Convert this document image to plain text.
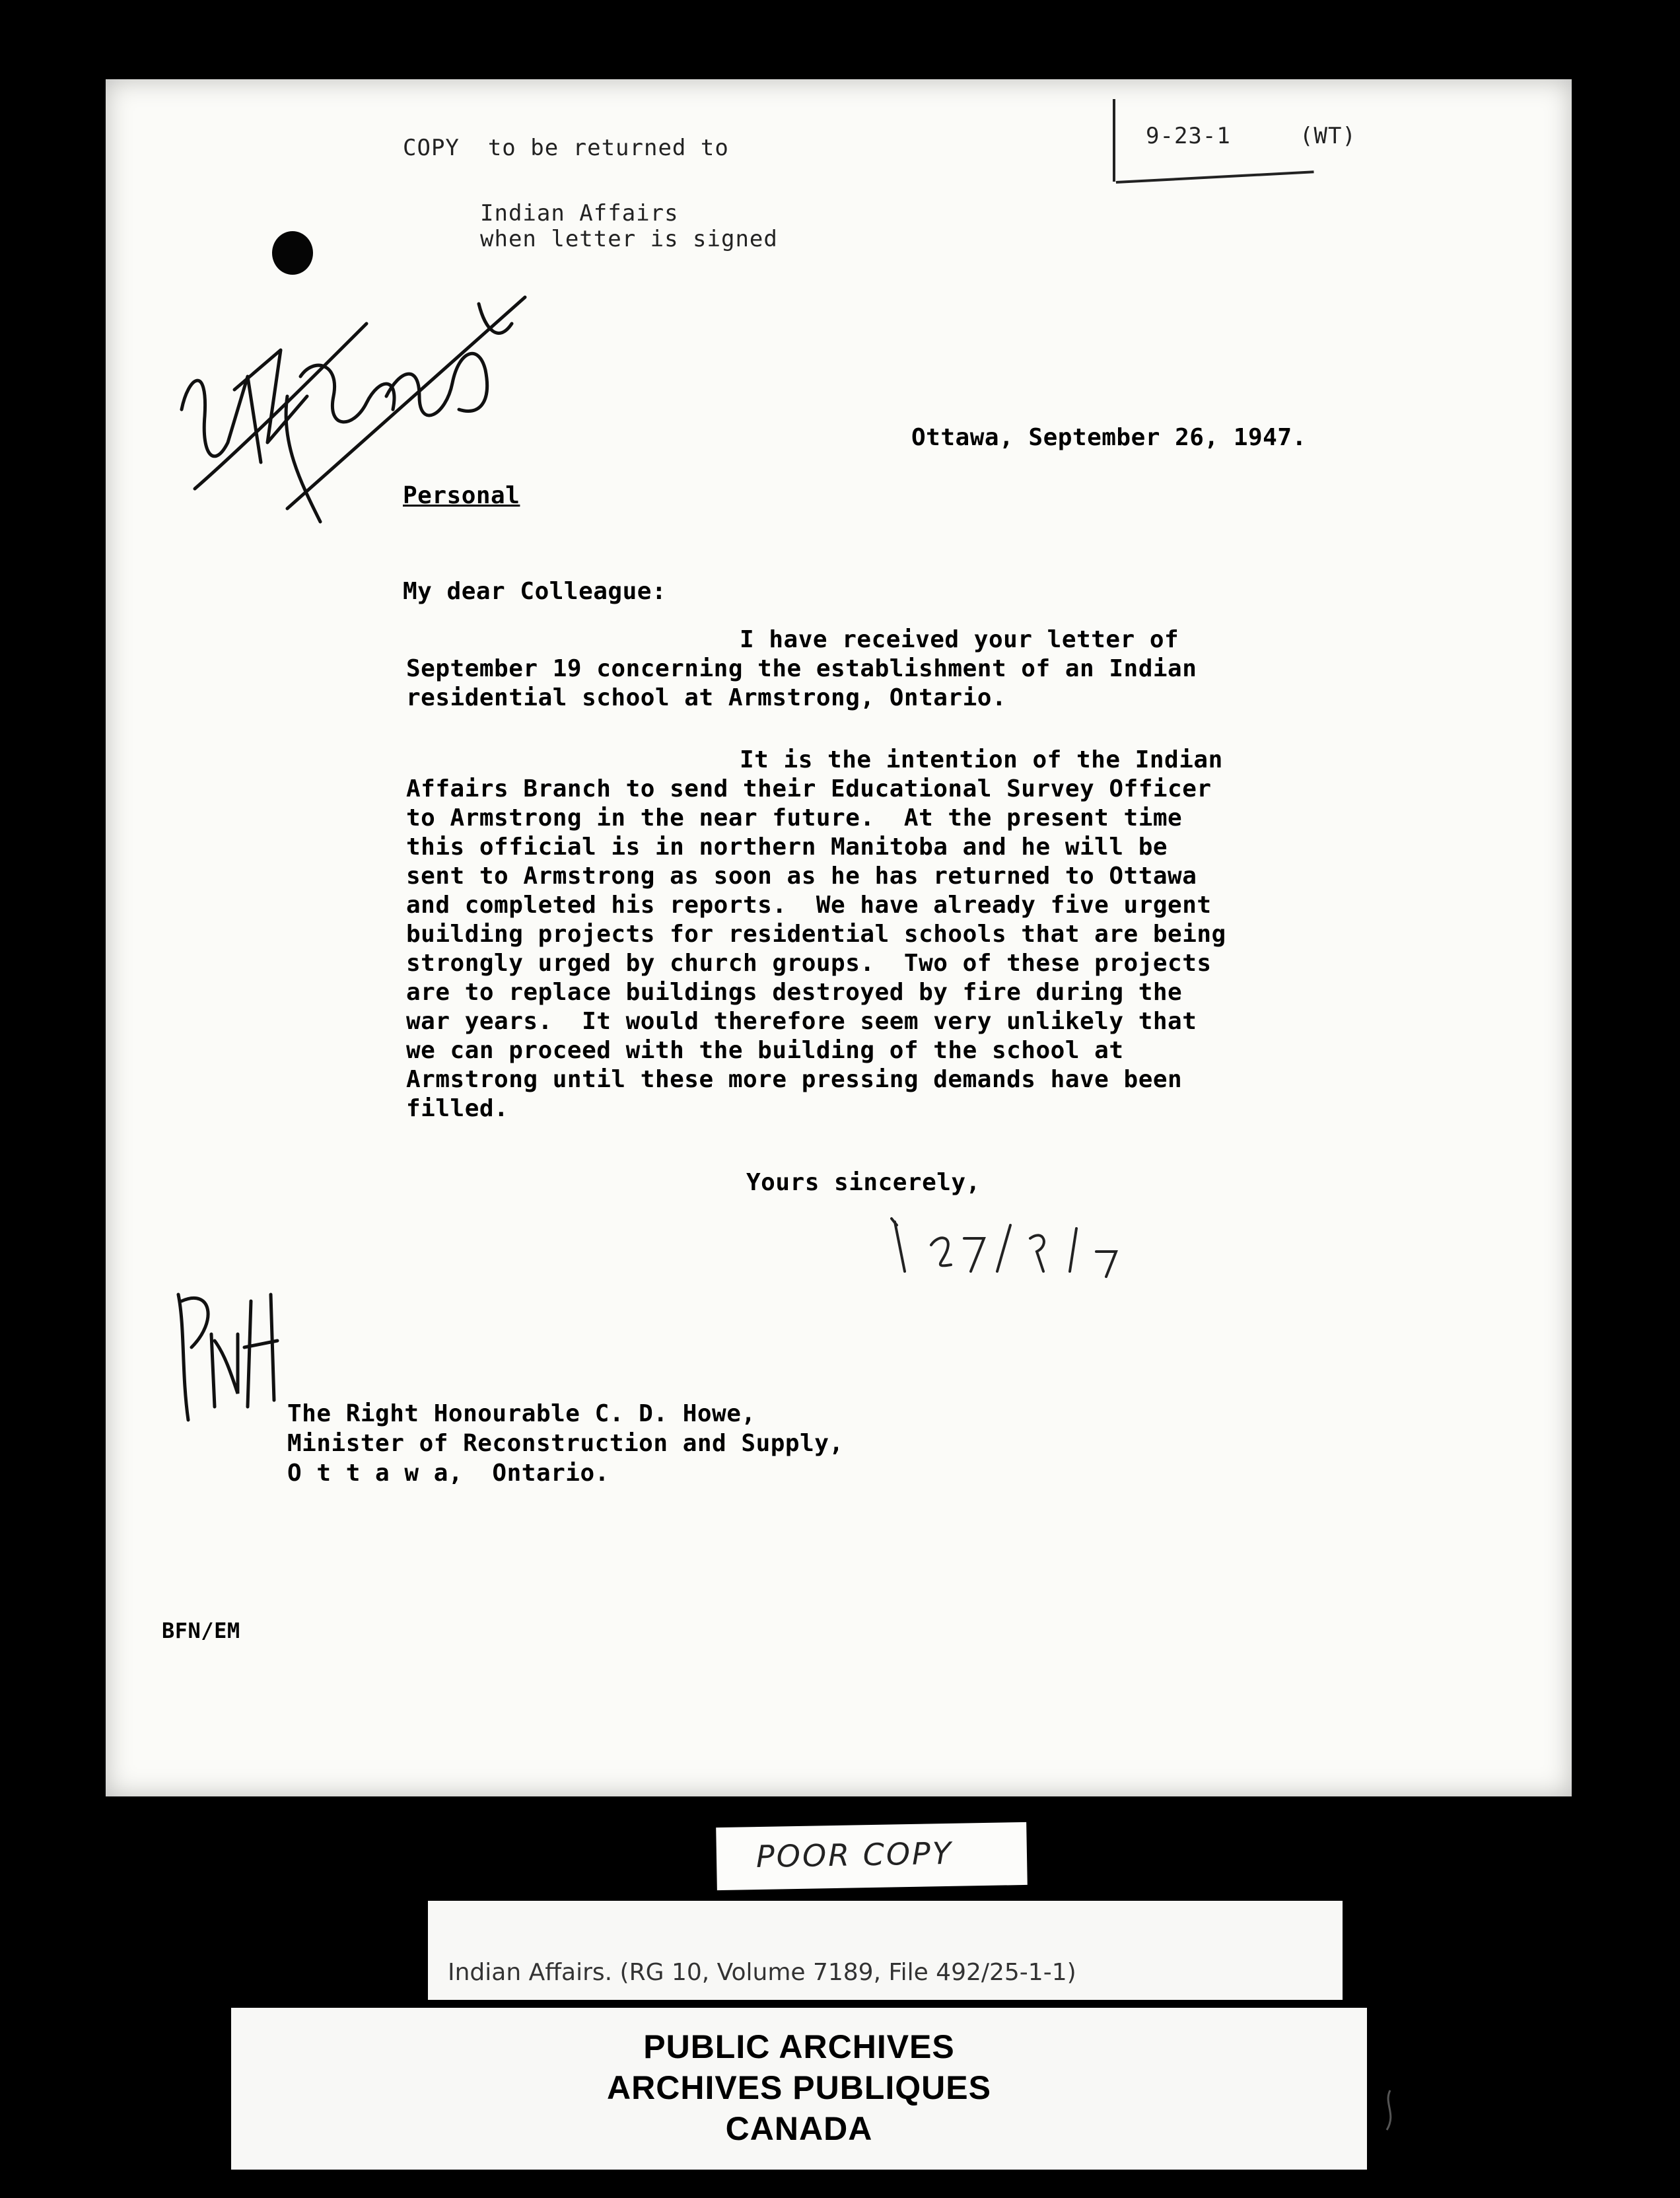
COPY  to be returned to
Indian Affairs
when letter is signed
9-23-1	(WT)
Ottawa, September 26, 1947.
Personal
My dear Colleague:
I have received your letter of
September 19 concerning the establishment of an Indian
residential school at Armstrong, Ontario.
It is the intention of the Indian
Affairs Branch to send their Educational Survey Officer
to Armstrong in the near future.  At the present time
this official is in northern Manitoba and he will be
sent to Armstrong as soon as he has returned to Ottawa
and completed his reports.  We have already five urgent
building projects for residential schools that are being
strongly urged by church groups.  Two of these projects
are to replace buildings destroyed by fire during the
war years.  It would therefore seem very unlikely that
we can proceed with the building of the school at
Armstrong until these more pressing demands have been
filled.
Yours sincerely,
The Right Honourable C. D. Howe,
Minister of Reconstruction and Supply,
O t t a w a,  Ontario.
BFN/EM
POOR COPY
Indian Affairs. (RG 10, Volume 7189, File 492/25-1-1)
PUBLIC ARCHIVES
ARCHIVES PUBLIQUES
CANADA
